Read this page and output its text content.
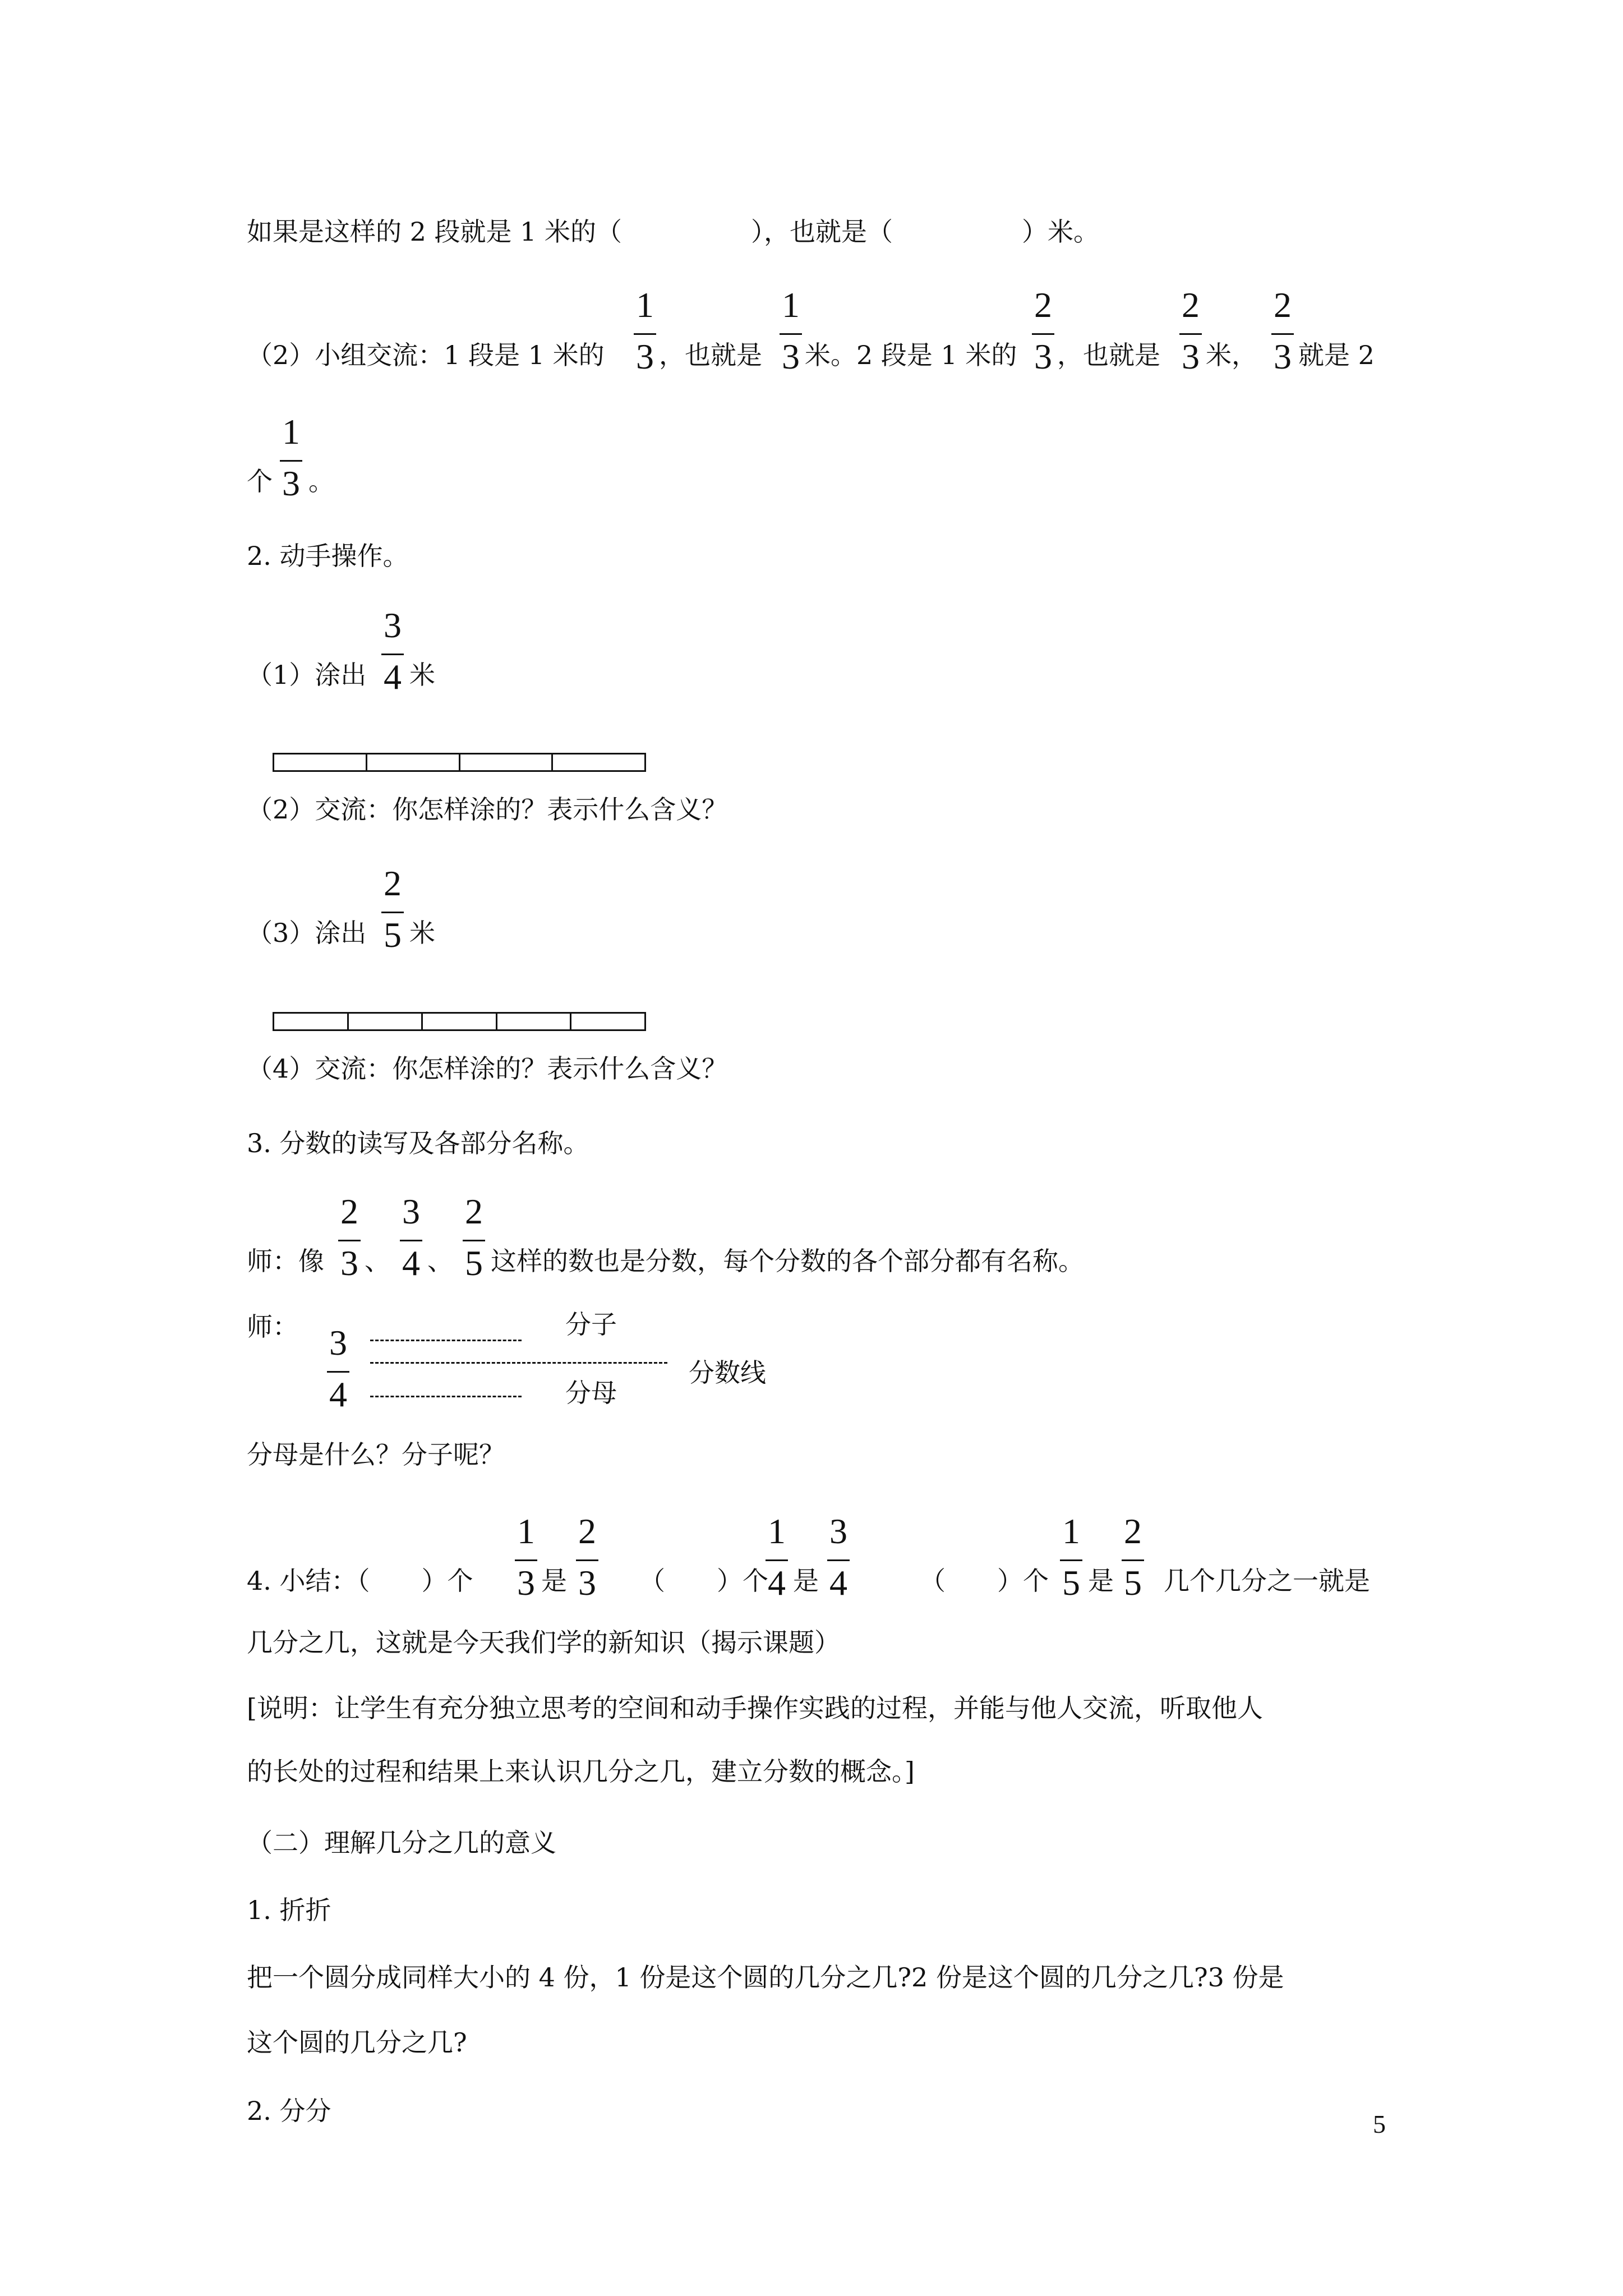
如果是这样的 2 段就是 1 米的（　　　　　），也就是（　　　　　）米。
（2）小组交流：1 段是 1 米的
1
3 ，也就是
1
3 米。2 段是 1 米的
2
3 ，也就是
2
3 米，
2
3 就是 2
个
1
3 。
2. 动手操作。
（1）涂出
3
4 米
（2）交流：你怎样涂的？表示什么含义？
（3）涂出
2
5 米
（4）交流：你怎样涂的？表示什么含义？
3. 分数的读写及各部分名称。
师：像
2
3 、
3
4 、
2
5 这样的数也是分数，每个分数的各个部分都有名称。
师： 3
4
分子
分数线
分母
分母是什么？分子呢？
4. 小结：（　　）个
1
3 是
2
3 （　　）个
1
4 是
3
4	（　　）个
1
5 是
2
5 几个几分之一就是
几分之几，这就是今天我们学的新知识（揭示课题）
[说明：让学生有充分独立思考的空间和动手操作实践的过程，并能与他人交流，听取他人
的长处的过程和结果上来认识几分之几，建立分数的概念。]
（二）理解几分之几的意义
1. 折折
把一个圆分成同样大小的 4 份，1 份是这个圆的几分之几?2 份是这个圆的几分之几?3 份是
这个圆的几分之几?
2. 分分	5
